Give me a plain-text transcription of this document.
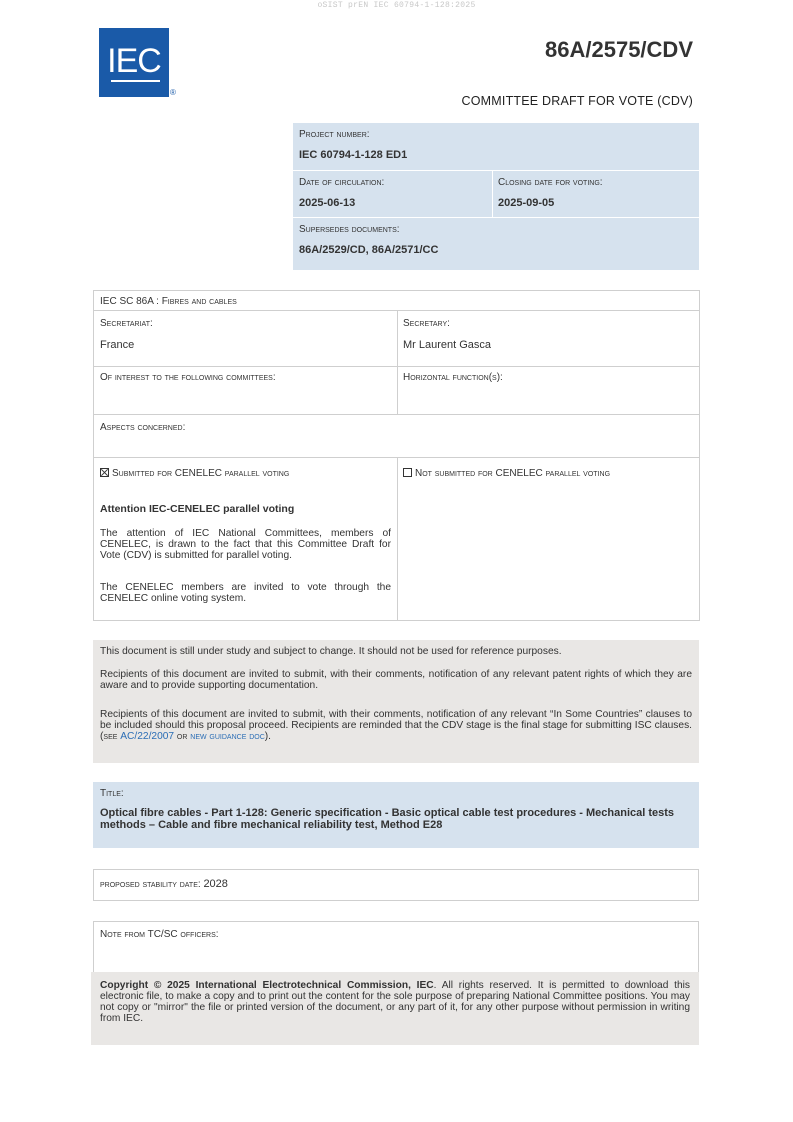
oSIST prEN IEC 60794-1-128:2025
IEC
®
86A/2575/CDV
COMMITTEE DRAFT FOR VOTE (CDV)
Project number:
IEC 60794-1-128 ED1
Date of circulation:
2025-06-13
Closing date for voting:
2025-09-05
Supersedes documents:
86A/2529/CD, 86A/2571/CC
IEC SC 86A : Fibres and cables
Secretariat:
France
Secretary:
Mr Laurent Gasca
Of interest to the following committees:	Horizontal function(s):
Aspects concerned:
Submitted for CENELEC parallel voting	Not submitted for CENELEC parallel voting
Attention IEC-CENELEC parallel voting
The attention of IEC National Committees, members of CENELEC, is drawn to the fact that this Committee Draft for Vote (CDV) is submitted for parallel voting.
The CENELEC members are invited to vote through the CENELEC online voting system.

This document is still under study and subject to change. It should not be used for reference purposes.

Recipients of this document are invited to submit, with their comments, notification of any relevant patent rights of which they are aware and to provide supporting documentation.

Recipients of this document are invited to submit, with their comments, notification of any relevant “In Some Countries” clauses to be included should this proposal proceed. Recipients are reminded that the CDV stage is the final stage for submitting ISC clauses. (see AC/22/2007 or new guidance doc).

Title:
Optical fibre cables - Part 1-128: Generic specification - Basic optical cable test procedures - Mechanical tests methods – Cable and fibre mechanical reliability test, Method E28
proposed stability date: 2028
Note from TC/SC officers:

Copyright © 2025 International Electrotechnical Commission, IEC. All rights reserved. It is permitted to download this electronic file, to make a copy and to print out the content for the sole purpose of preparing National Committee positions. You may not copy or "mirror" the file or printed version of the document, or any part of it, for any other purpose without permission in writing from IEC.
